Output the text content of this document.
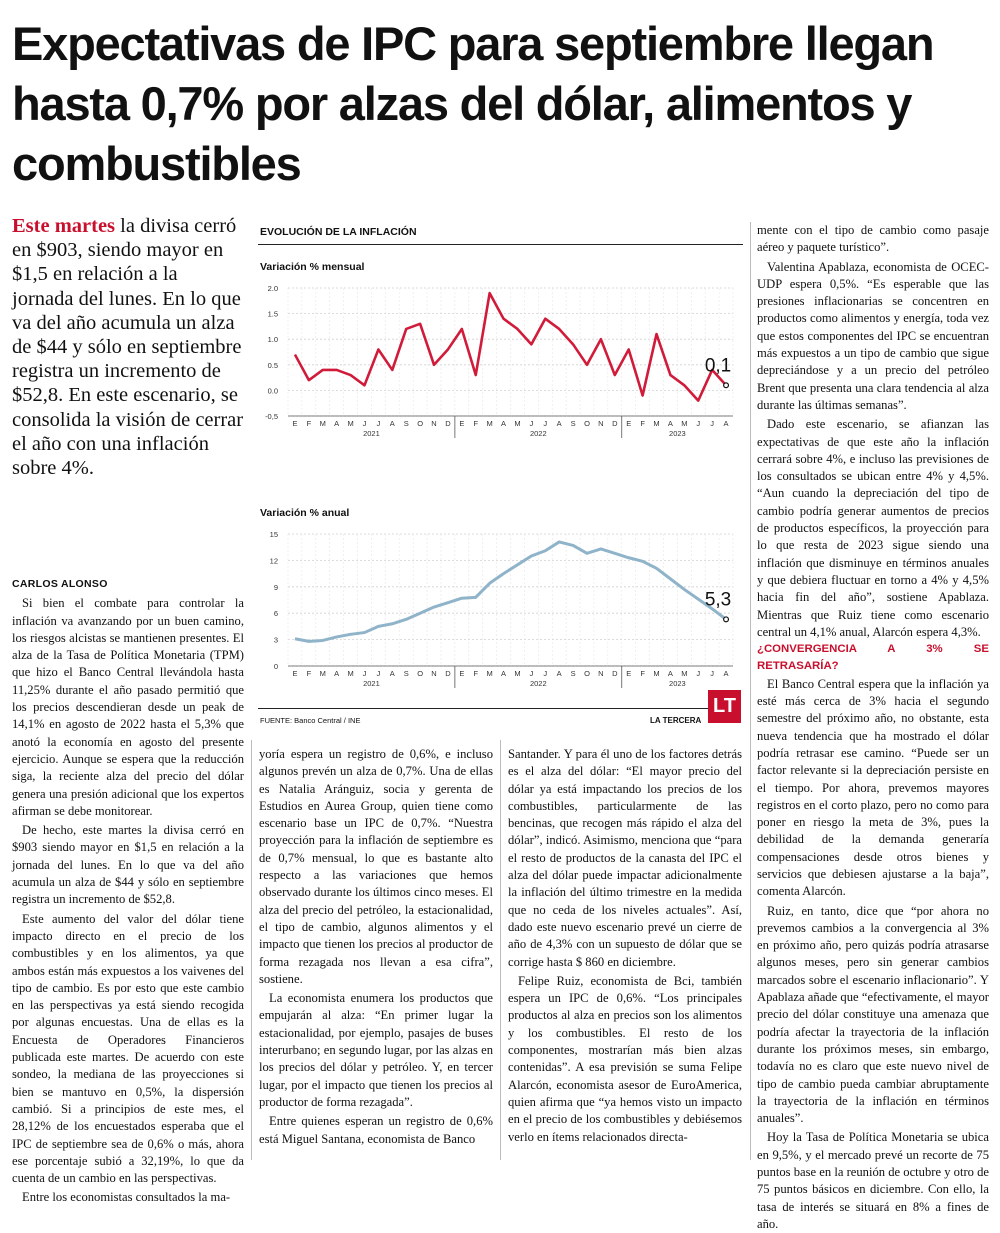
Expectativas de IPC para septiembre llegan hasta 0,7% por alzas del dólar, alimentos y combustibles

Este martes la divisa cerró en $903, siendo mayor en $1,5 en relación a la jornada del lunes. En lo que va del año acumula un alza de $44 y sólo en septiembre registra un incremento de $52,8. En este escenario, se consolida la visión de cerrar el año con una inflación sobre 4%.

CARLOS ALONSO

Si bien el combate para controlar la inflación va avanzando por un buen camino, los riesgos alcistas se mantienen presentes. El alza de la Tasa de Política Monetaria (TPM) que hizo el Banco Central llevándola hasta 11,25% durante el año pasado permitió que los precios descendieran desde un peak de 14,1% en agosto de 2022 hasta el 5,3% que anotó la economía en agosto del presente ejercicio. Aunque se espera que la reducción siga, la reciente alza del precio del dólar genera una presión adicional que los expertos afirman se debe monitorear.

De hecho, este martes la divisa cerró en $903 siendo mayor en $1,5 en relación a la jornada del lunes. En lo que va del año acumula un alza de $44 y sólo en septiembre registra un incremento de $52,8.

Este aumento del valor del dólar tiene impacto directo en el precio de los combustibles y en los alimentos, ya que ambos están más expuestos a los vaivenes del tipo de cambio. Es por esto que este cambio en las perspectivas ya está siendo recogida por algunas encuestas. Una de ellas es la Encuesta de Operadores Financieros publicada este martes. De acuerdo con este sondeo, la mediana de las proyecciones si bien se mantuvo en 0,5%, la dispersión cambió. Si a principios de este mes, el 28,12% de los encuestados esperaba que el IPC de septiembre sea de 0,6% o más, ahora ese porcentaje subió a 32,19%, lo que da cuenta de un cambio en las perspectivas.

Entre los economistas consultados la ma-

yoría espera un registro de 0,6%, e incluso algunos prevén un alza de 0,7%. Una de ellas es Natalia Aránguiz, socia y gerenta de Estudios en Aurea Group, quien tiene como escenario base un IPC de 0,7%. “Nuestra proyección para la inflación de septiembre es de 0,7% mensual, lo que es bastante alto respecto a las variaciones que hemos observado durante los últimos cinco meses. El alza del precio del petróleo, la estacionalidad, el tipo de cambio, algunos alimentos y el impacto que tienen los precios al productor de forma rezagada nos llevan a esa cifra”, sostiene.

La economista enumera los productos que empujarán al alza: “En primer lugar la estacionalidad, por ejemplo, pasajes de buses interurbano; en segundo lugar, por las alzas en los precios del dólar y petróleo. Y, en tercer lugar, por el impacto que tienen los precios al productor de forma rezagada”.

Entre quienes esperan un registro de 0,6% está Miguel Santana, economista de Banco

Santander. Y para él uno de los factores detrás es el alza del dólar: “El mayor precio del dólar ya está impactando los precios de los combustibles, particularmente de las bencinas, que recogen más rápido el alza del dólar”, indicó. Asimismo, menciona que “para el resto de productos de la canasta del IPC el alza del dólar puede impactar adicionalmente la inflación del último trimestre en la medida que no ceda de los niveles actuales”. Así, dado este nuevo escenario prevé un cierre de año de 4,3% con un supuesto de dólar que se corrige hasta $ 860 en diciembre.

Felipe Ruiz, economista de Bci, también espera un IPC de 0,6%. “Los principales productos al alza en precios son los alimentos y los combustibles. El resto de los componentes, mostrarían más bien alzas contenidas”. A esa previsión se suma Felipe Alarcón, economista asesor de EuroAmerica, quien afirma que “ya hemos visto un impacto en el precio de los combustibles y debiésemos verlo en ítems relacionados directa-

mente con el tipo de cambio como pasaje aéreo y paquete turístico”.

Valentina Apablaza, economista de OCEC-UDP espera 0,5%. “Es esperable que las presiones inflacionarias se concentren en productos como alimentos y energía, toda vez que estos componentes del IPC se encuentran más expuestos a un tipo de cambio que sigue depreciándose y a un precio del petróleo Brent que presenta una clara tendencia al alza durante las últimas semanas”.

Dado este escenario, se afianzan las expectativas de que este año la inflación cerrará sobre 4%, e incluso las previsiones de los consultados se ubican entre 4% y 4,5%. “Aun cuando la depreciación del tipo de cambio podría generar aumentos de precios de productos específicos, la proyección para lo que resta de 2023 sigue siendo una inflación que disminuye en términos anuales y que debiera fluctuar en torno a 4% y 4,5% hacia fin del año”, sostiene Apablaza. Mientras que Ruiz tiene como escenario central un 4,1% anual, Alarcón espera 4,3%.

¿CONVERGENCIA A 3% SE RETRASARÍA?

El Banco Central espera que la inflación ya esté más cerca de 3% hacia el segundo semestre del próximo año, no obstante, esta nueva tendencia que ha mostrado el dólar podría retrasar ese camino. “Puede ser un factor relevante si la depreciación persiste en el tiempo. Por ahora, prevemos mayores registros en el corto plazo, pero no como para poner en riesgo la meta de 3%, pues la debilidad de la demanda generaría compensaciones desde otros bienes y servicios que debiesen ajustarse a la baja”, comenta Alarcón.

Ruiz, en tanto, dice que “por ahora no prevemos cambios a la convergencia al 3% en próximo año, pero quizás podría atrasarse algunos meses, pero sin generar cambios marcados sobre el escenario inflacionario”. Y Apablaza añade que “efectivamente, el mayor precio del dólar constituye una amenaza que podría afectar la trayectoria de la inflación durante los próximos meses, sin embargo, todavía no es claro que este nuevo nivel de tipo de cambio pueda cambiar abruptamente la trayectoria de la inflación en términos anuales”.

Hoy la Tasa de Política Monetaria se ubica en 9,5%, y el mercado prevé un recorte de 75 puntos base en la reunión de octubre y otro de 75 puntos básicos en diciembre. Con ello, la tasa de interés se situará en 8% a fines de año.

EVOLUCIÓN DE LA INFLACIÓN
Variación % mensual
-0,5
0.0
0.5
1.0
1.5
2.0
E F M A M J J A S O N D E F M A M J J A S O N D E F M A M J J A
2021	2022	2023
0,1
Variación % anual
0
3
6
9
12
15
E F M A M J J A S O N D E F M A M J J A S O N D E F M A M J J A
2021	2022	2023
5,3
FUENTE: Banco Central / INE	LA TERCERA
LT
